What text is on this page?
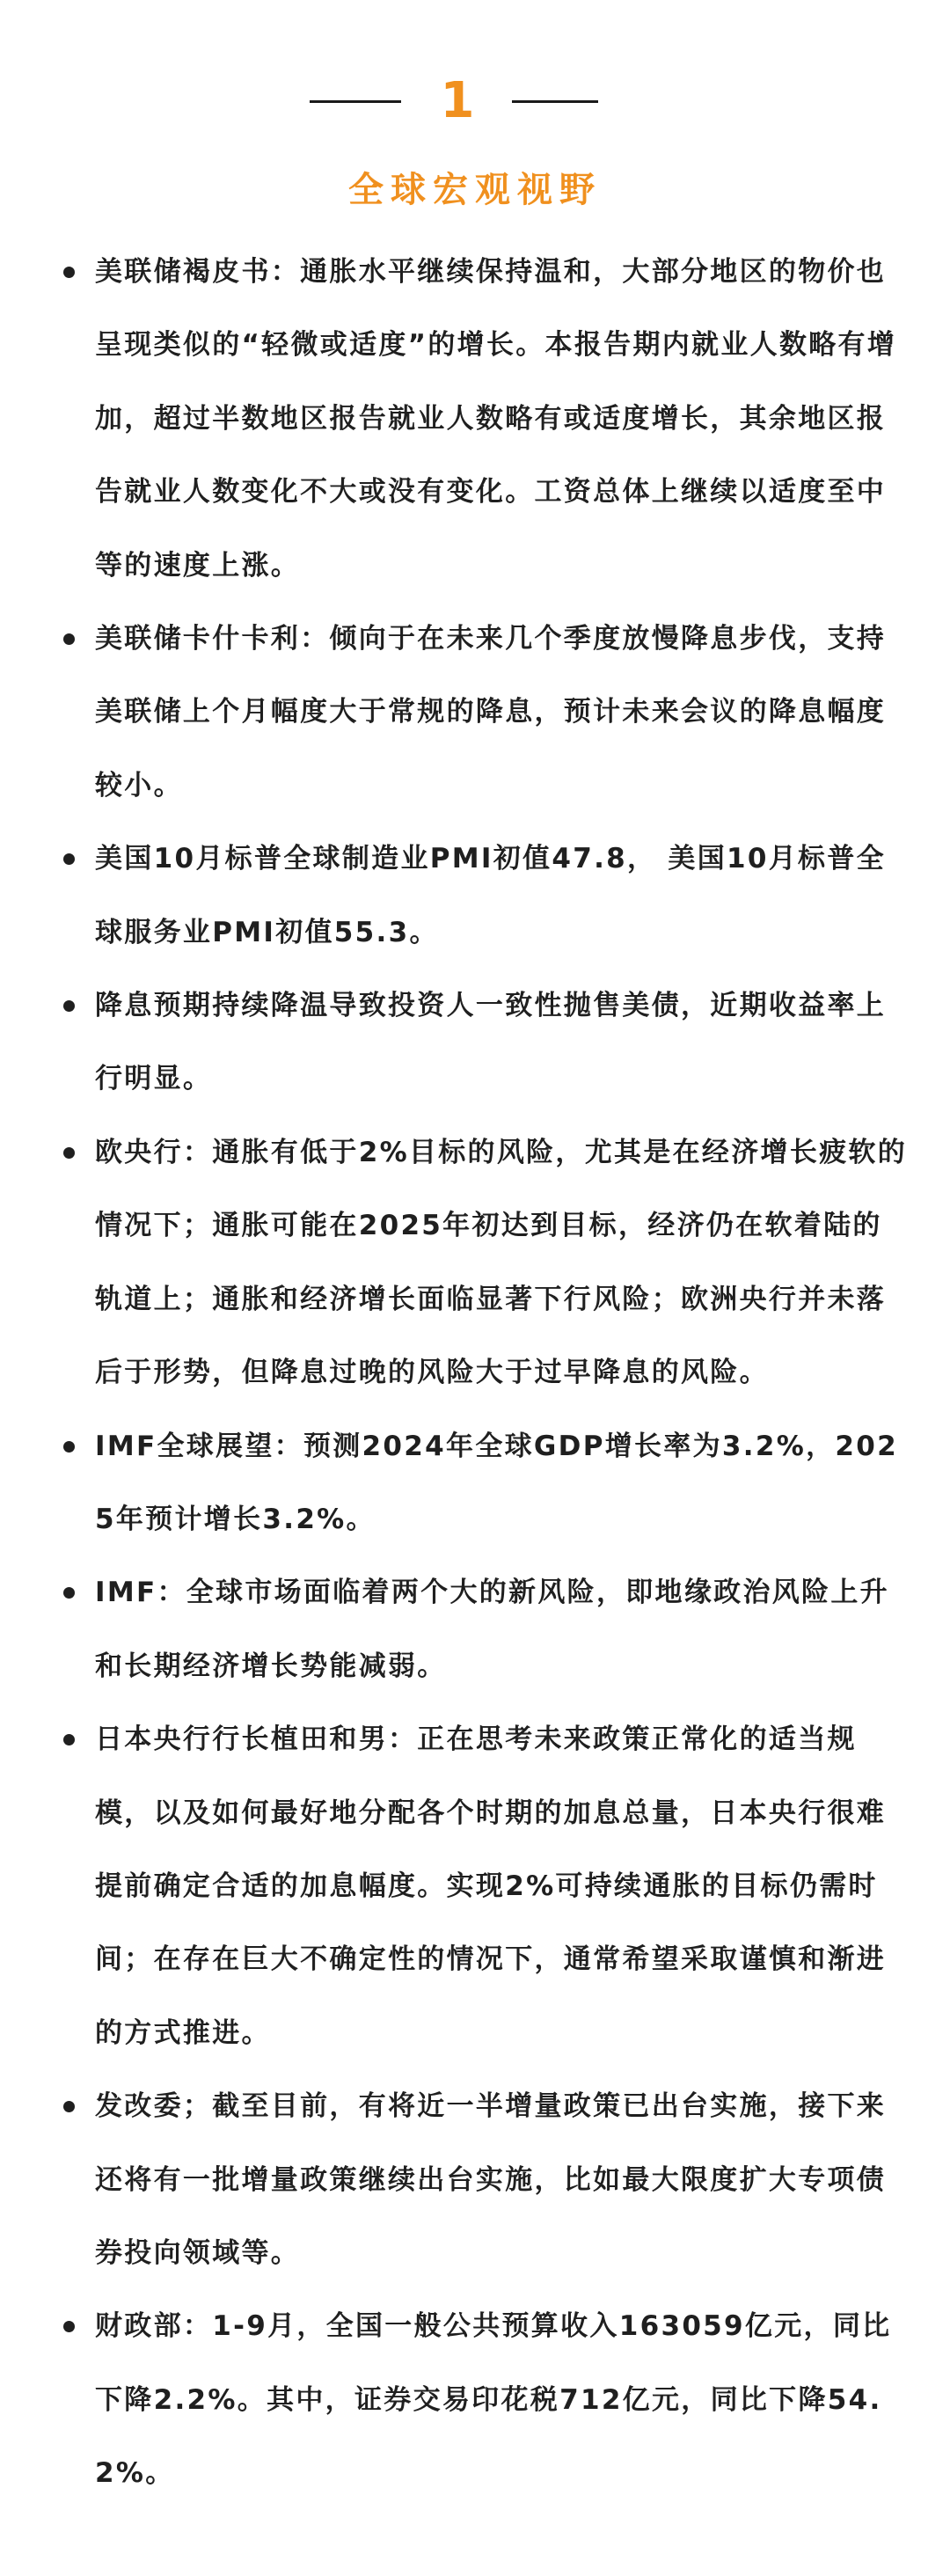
1
全球宏观视野
美联储褐皮书：通胀水平继续保持温和，大部分地区的物价也呈现类似的“轻微或适度”的增长。本报告期内就业人数略有增加，超过半数地区报告就业人数略有或适度增长，其余地区报告就业人数变化不大或没有变化。工资总体上继续以适度至中等的速度上涨。
美联储卡什卡利：倾向于在未来几个季度放慢降息步伐，支持美联储上个月幅度大于常规的降息，预计未来会议的降息幅度较小。
美国10月标普全球制造业PMI初值47.8， 美国10月标普全球服务业PMI初值55.3。
降息预期持续降温导致投资人一致性抛售美债，近期收益率上行明显。
欧央行：通胀有低于2%目标的风险，尤其是在经济增长疲软的情况下；通胀可能在2025年初达到目标，经济仍在软着陆的轨道上；通胀和经济增长面临显著下行风险；欧洲央行并未落后于形势，但降息过晚的风险大于过早降息的风险。
IMF全球展望：预测2024年全球GDP增长率为3.2%，2025年预计增长3.2%。
IMF：全球市场面临着两个大的新风险，即地缘政治风险上升和长期经济增长势能减弱。
日本央行行长植田和男：正在思考未来政策正常化的适当规模，以及如何最好地分配各个时期的加息总量，日本央行很难提前确定合适的加息幅度。实现2%可持续通胀的目标仍需时间；在存在巨大不确定性的情况下，通常希望采取谨慎和渐进的方式推进。
发改委；截至目前，有将近一半增量政策已出台实施，接下来还将有一批增量政策继续出台实施，比如最大限度扩大专项债券投向领域等。
财政部：1-9月，全国一般公共预算收入163059亿元，同比下降2.2%。其中，证券交易印花税712亿元，同比下降54.2%。
